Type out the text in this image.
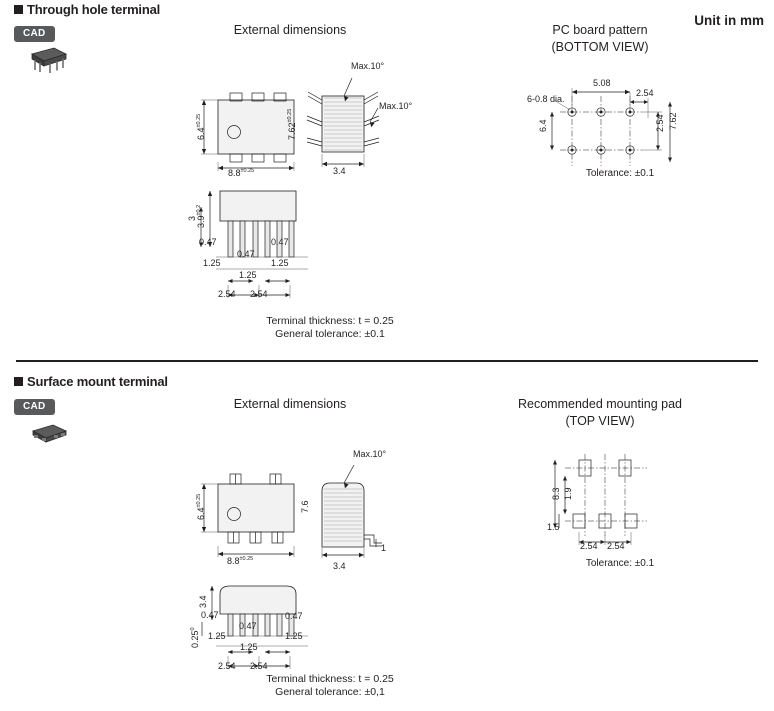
Through hole terminal
CAD	External dimensions	PC board pattern
(BOTTOM VIEW)
Unit in mm
$6.4^{\pm 0.25}$
$8.8^{\pm 0.25}$
$7.62^{\pm 0.25}$
Max.10°
Max.10°
3.4
$3.9^{\pm 0.2}$
3
0.47
0.47
0.47
1.25
1.25
1.25
2.54 2.54
Terminal thickness: t = 0.25
General tolerance: ±0.1
6-0.8 dia.
5.08
2.54
6.4	2.54 7.62
Tolerance: ±0.1
Surface mount terminal
CAD	External dimensions	Recommended mounting pad
(TOP VIEW)
$6.4^{\pm 0.25}$
$8.8^{\pm 0.25}$
7.6
Max.10°
3.4
1
3.4
0.25$^0$
0.47
0.47
0.47
1.25
1.25
1.25
2.54 2.54
Terminal thickness: t = 0.25
General tolerance: ±0,1
8.3 1.9
1.5
2.54 2.54
Tolerance: ±0.1
